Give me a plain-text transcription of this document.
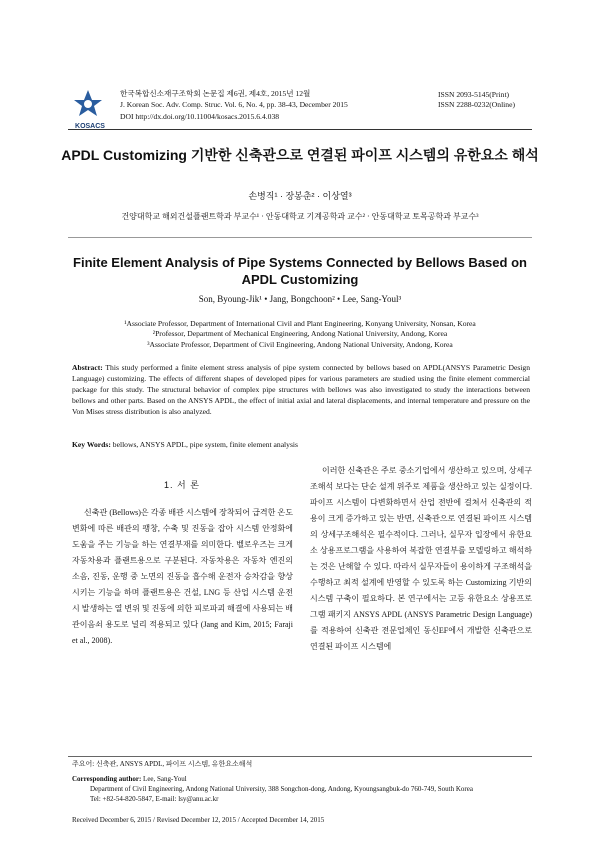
KOSACS
한국복합신소재구조학회 논문집 제6권, 제4호, 2015년 12월
J. Korean Soc. Adv. Comp. Struc. Vol. 6, No. 4, pp. 38-43, December 2015
DOI http://dx.doi.org/10.11004/kosacs.2015.6.4.038
ISSN 2093-5145(Print)
ISSN 2288-0232(Online)
APDL Customizing 기반한 신축관으로 연결된 파이프 시스템의 유한요소 해석
손병직¹ · 장봉춘² · 이상열³
건양대학교 해외건설플랜트학과 부교수¹ · 안동대학교 기계공학과 교수² · 안동대학교 토목공학과 부교수³
Finite Element Analysis of Pipe Systems Connected by Bellows Based on APDL Customizing
Son, Byoung-Jik¹ • Jang, Bongchoon² • Lee, Sang-Youl³
¹Associate Professor, Department of International Civil and Plant Engineering, Konyang University, Nonsan, Korea
²Professor, Department of Mechanical Engineering, Andong National University, Andong, Korea
³Associate Professor, Department of Civil Engineering, Andong National University, Andong, Korea
Abstract: This study performed a finite element stress analysis of pipe system connected by bellows based on APDL(ANSYS Parametric Design Language) customizing. The effects of different shapes of developed pipes for various parameters are studied using the finite element commercial package for this study. The structural behavior of complex pipe structures with bellows was also investigated to study the interactions between bellows and other parts. Based on the ANSYS APDL, the effect of initial axial and lateral displacements, and internal temperature and pressure on the Von Mises stress distribution is also analyzed.
Key Words: bellows, ANSYS APDL, pipe system, finite element analysis
1. 서 론
신축관 (Bellows)은 각종 배관 시스템에 장착되어 급격한 온도변화에 따른 배관의 팽창, 수축 및 진동을 잡아 시스템 안정화에 도움을 주는 기능을 하는 연결부재를 의미한다. 벨로우즈는 크게 자동차용과 플랜트용으로 구분된다. 자동차용은 자동차 엔진의 소음, 진동, 운행 중 노면의 진동을 흡수해 운전자 승차감을 향상시키는 기능을 하며 플랜트용은 건설, LNG 등 산업 시스템 운전 시 발생하는 열 변위 및 진동에 의한 피로파괴 해결에 사용되는 배관이음쇠 용도로 널리 적용되고 있다 (Jang and Kim, 2015; Faraji et al., 2008).
이러한 신축관은 주로 중소기업에서 생산하고 있으며, 상세구조해석 보다는 단순 설계 위주로 제품을 생산하고 있는 실정이다. 파이프 시스템이 다변화하면서 산업 전반에 걸쳐서 신축관의 적용이 크게 증가하고 있는 반면, 신축관으로 연결된 파이프 시스템의 상세구조해석은 필수적이다. 그러나, 실무자 입장에서 유한요소 상용프로그램을 사용하여 복잡한 연결부를 모델링하고 해석하는 것은 난해할 수 있다. 따라서 실무자들이 용이하게 구조해석을 수행하고 최적 설계에 반영할 수 있도록 하는 Customizing 기반의 시스템 구축이 필요하다. 본 연구에서는 고등 유한요소 상용프로그램 패키지 ANSYS APDL (ANSYS Parametric Design Language)를 적용하여 신축관 전문업체인 동신EF에서 개발한 신축관으로 연결된 파이프 시스템에
주요어: 신축관, ANSYS APDL, 파이프 시스템, 유한요소해석
Corresponding author: Lee, Sang-Youl
Department of Civil Engineering, Andong National University, 388 Songchon-dong, Andong, Kyoungsangbuk-do 760-749, South Korea
Tel: +82-54-820-5847, E-mail: lsy@anu.ac.kr
Received December 6, 2015 / Revised December 12, 2015 / Accepted December 14, 2015
